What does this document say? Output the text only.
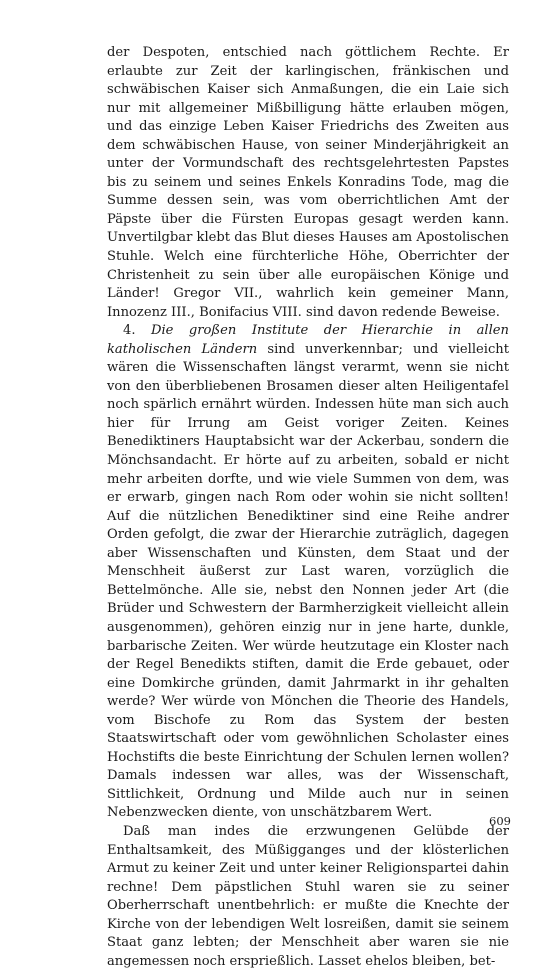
der Despoten, entschied nach göttlichem Rechte. Er erlaubte zur Zeit der karlingischen, fränkischen und schwäbischen Kaiser sich Anmaßungen, die ein Laie sich nur mit allgemeiner Mißbilligung hätte erlauben mögen, und das einzige Leben Kaiser Friedrichs des Zweiten aus dem schwäbischen Hause, von seiner Minderjährigkeit an unter der Vormundschaft des rechtsgelehrtesten Papstes bis zu seinem und seines Enkels Konradins Tode, mag die Summe dessen sein, was vom oberrichtlichen Amt der Päpste über die Fürsten Europas gesagt werden kann. Unvertilgbar klebt das Blut dieses Hauses am Apostolischen Stuhle. Welch eine fürchterliche Höhe, Oberrichter der Christenheit zu sein über alle europäischen Könige und Länder! Gregor VII., wahrlich kein gemeiner Mann, Innozenz III., Bonifacius VIII. sind davon redende Beweise.

4. Die großen Institute der Hierarchie in allen katholischen Ländern sind unverkennbar; und vielleicht wären die Wissenschaften längst verarmt, wenn sie nicht von den überbliebenen Brosamen dieser alten Heiligentafel noch spärlich ernährt würden. Indessen hüte man sich auch hier für Irrung am Geist voriger Zeiten. Keines Benediktiners Hauptabsicht war der Ackerbau, sondern die Mönchsandacht. Er hörte auf zu arbeiten, sobald er nicht mehr arbeiten dorfte, und wie viele Summen von dem, was er erwarb, gingen nach Rom oder wohin sie nicht sollten! Auf die nützlichen Benediktiner sind eine Reihe andrer Orden gefolgt, die zwar der Hierarchie zuträglich, dagegen aber Wissenschaften und Künsten, dem Staat und der Menschheit äußerst zur Last waren, vorzüglich die Bettelmönche. Alle sie, nebst den Nonnen jeder Art (die Brüder und Schwestern der Barmherzigkeit vielleicht allein ausgenommen), gehören einzig nur in jene harte, dunkle, barbarische Zeiten. Wer würde heutzutage ein Kloster nach der Regel Benedikts stiften, damit die Erde gebauet, oder eine Domkirche gründen, damit Jahrmarkt in ihr gehalten werde? Wer würde von Mönchen die Theorie des Handels, vom Bischofe zu Rom das System der besten Staatswirtschaft oder vom gewöhnlichen Scholaster eines Hochstifts die beste Einrichtung der Schulen lernen wollen? Damals indessen war alles, was der Wissenschaft, Sittlichkeit, Ordnung und Milde auch nur in seinen Nebenzwecken diente, von unschätzbarem Wert.

Daß man indes die erzwungenen Gelübde der Enthaltsamkeit, des Müßigganges und der klösterlichen Armut zu keiner Zeit und unter keiner Religionspartei dahin rechne! Dem päpstlichen Stuhl waren sie zu seiner Oberherrschaft unentbehrlich: er mußte die Knechte der Kirche von der lebendigen Welt losreißen, damit sie seinem Staat ganz lebten; der Menschheit aber waren sie nie angemessen noch ersprießlich. Lasset ehelos bleiben, bet-

609
